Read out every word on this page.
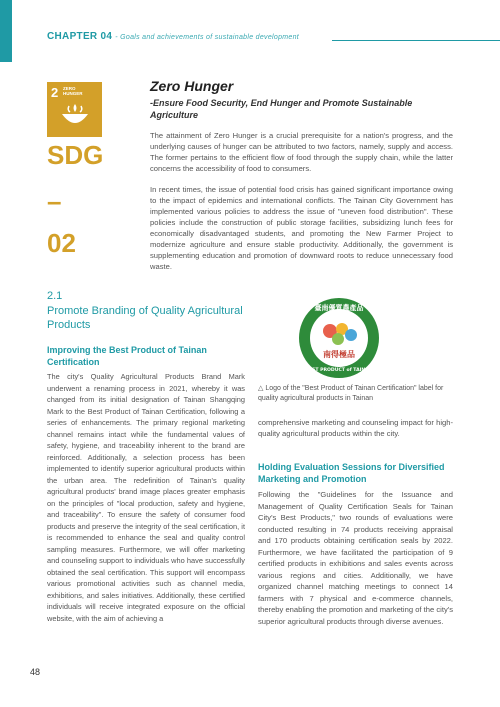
CHAPTER 04 - Goals and achievements of sustainable development
2 ZERO
HUNGER
SDG
–
02
Zero Hunger
-Ensure Food Security, End Hunger and Promote Sustainable Agriculture
The attainment of Zero Hunger is a crucial prerequisite for a nation's progress, and the underlying causes of hunger can be attributed to two factors, namely, supply and access. The former pertains to the efficient flow of food through the supply chain, while the latter concerns the accessibility of food to consumers.
In recent times, the issue of potential food crisis has gained significant importance owing to the impact of epidemics and international conflicts. The Tainan City Government has implemented various policies to address the issue of "uneven food distribution". These policies include the construction of public storage facilities, subsidizing lunch fees for economically disadvantaged students, and promoting the New Farmer Project to modernize agriculture and ensure stable productivity. Additionally, the government is supplementing education and promotion of downward roots to reduce unnecessary food waste.
2.1
Promote Branding of Quality Agricultural Products
Improving the Best Product of Tainan Certification
The city's Quality Agricultural Products Brand Mark underwent a renaming process in 2021, whereby it was changed from its initial designation of Tainan Shangqing Mark to the Best Product of Tainan Certification, following a series of enhancements. The primary regional marketing channel remains intact while the fundamental values of safety, hygiene, and traceability inherent to the brand are reinforced. Additionally, a selection process has been implemented to identify superior agricultural products within the urban area. The redefinition of Tainan's quality agricultural products' brand image places greater emphasis on the principles of "local production, safety and hygiene, and traceability". To ensure the safety of consumer food products and preserve the integrity of the seal certification, it is recommended to enhance the seal and quality control sampling measures. Furthermore, we will offer marketing and counseling support to individuals who have successfully obtained the seal certification. This support will encompass various promotional activities such as channel media, exhibitions, and sales initiatives. Additionally, these certified individuals will receive integrated exposure on the official website, with the aim of achieving a
南得極品
臺南優質農產品
BEST PRODUCT of TAINAN
△ Logo of the "Best Product of Tainan Certification" label for quality agricultural products in Tainan
comprehensive marketing and counseling impact for high-quality agricultural products within the city.
Holding Evaluation Sessions for Diversified Marketing and Promotion
Following the "Guidelines for the Issuance and Management of Quality Certification Seals for Tainan City's Best Products," two rounds of evaluations were conducted resulting in 74 products receiving appraisal and 170 products obtaining certification seals by 2022. Furthermore, we have facilitated the participation of 9 certified products in exhibitions and sales events across various regions and cities. Additionally, we have organized channel matching meetings to connect 14 farmers with 7 physical and e-commerce channels, thereby enabling the promotion and marketing of the city's superior agricultural products through diverse avenues.
48
